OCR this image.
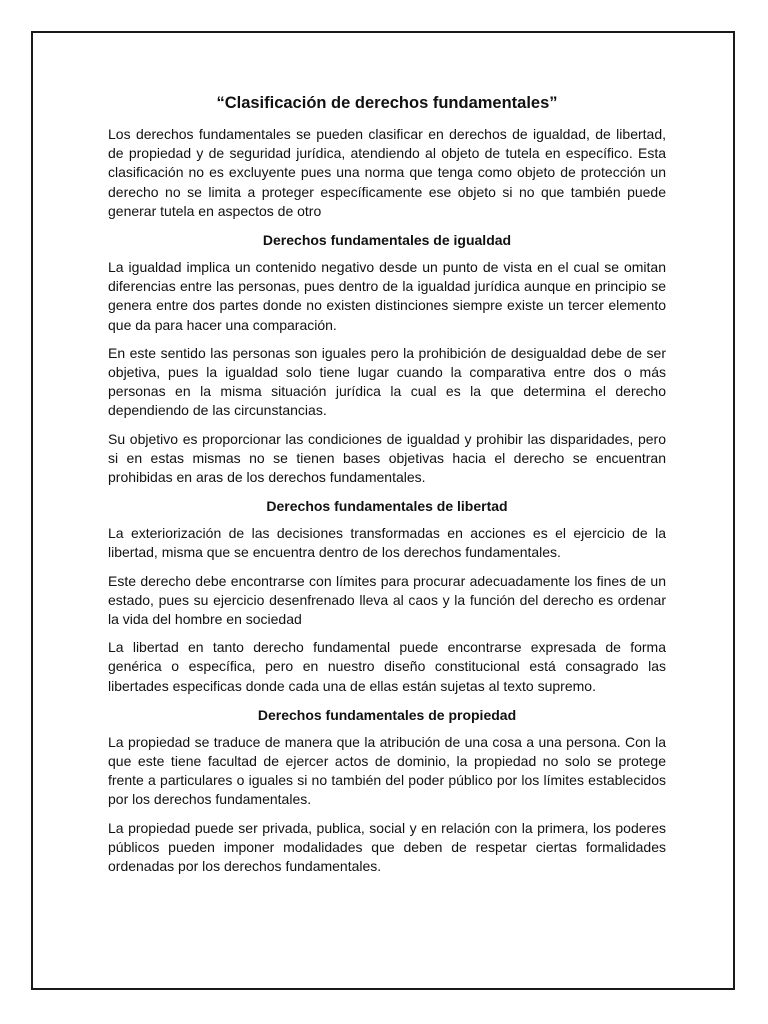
“Clasificación de derechos fundamentales”

Los derechos fundamentales se pueden clasificar en derechos de igualdad, de libertad, de propiedad y de seguridad jurídica, atendiendo al objeto de tutela en específico. Esta clasificación no es excluyente pues una norma que tenga como objeto de protección un derecho no se limita a proteger específicamente ese objeto si no que también puede generar tutela en aspectos de otro

Derechos fundamentales de igualdad

La igualdad implica un contenido negativo desde un punto de vista en el cual se omitan diferencias entre las personas, pues dentro de la igualdad jurídica aunque en principio se genera entre dos partes donde no existen distinciones siempre existe un tercer elemento que da para hacer una comparación.

En este sentido las personas son iguales pero la prohibición de desigualdad debe de ser objetiva, pues la igualdad solo tiene lugar cuando la comparativa entre dos o más personas en la misma situación jurídica la cual es la que determina el derecho dependiendo de las circunstancias.

Su objetivo es proporcionar las condiciones de igualdad y prohibir las disparidades, pero si en estas mismas no se tienen bases objetivas hacia el derecho se encuentran prohibidas en aras de los derechos fundamentales.

Derechos fundamentales de libertad

La exteriorización de las decisiones transformadas en acciones es el ejercicio de la libertad, misma que se encuentra dentro de los derechos fundamentales.

Este derecho debe encontrarse con límites para procurar adecuadamente los fines de un estado, pues su ejercicio desenfrenado lleva al caos y la función del derecho es ordenar la vida del hombre en sociedad

La libertad en tanto derecho fundamental puede encontrarse expresada de forma genérica o específica, pero en nuestro diseño constitucional está consagrado las libertades especificas donde cada una de ellas están sujetas al texto supremo.

Derechos fundamentales de propiedad

La propiedad se traduce de manera que la atribución de una cosa a una persona. Con la que este tiene facultad de ejercer actos de dominio, la propiedad no solo se protege frente a particulares o iguales si no también del poder público por los límites establecidos por los derechos fundamentales.

La propiedad puede ser privada, publica, social y en relación con la primera, los poderes públicos pueden imponer modalidades que deben de respetar ciertas formalidades ordenadas por los derechos fundamentales.
